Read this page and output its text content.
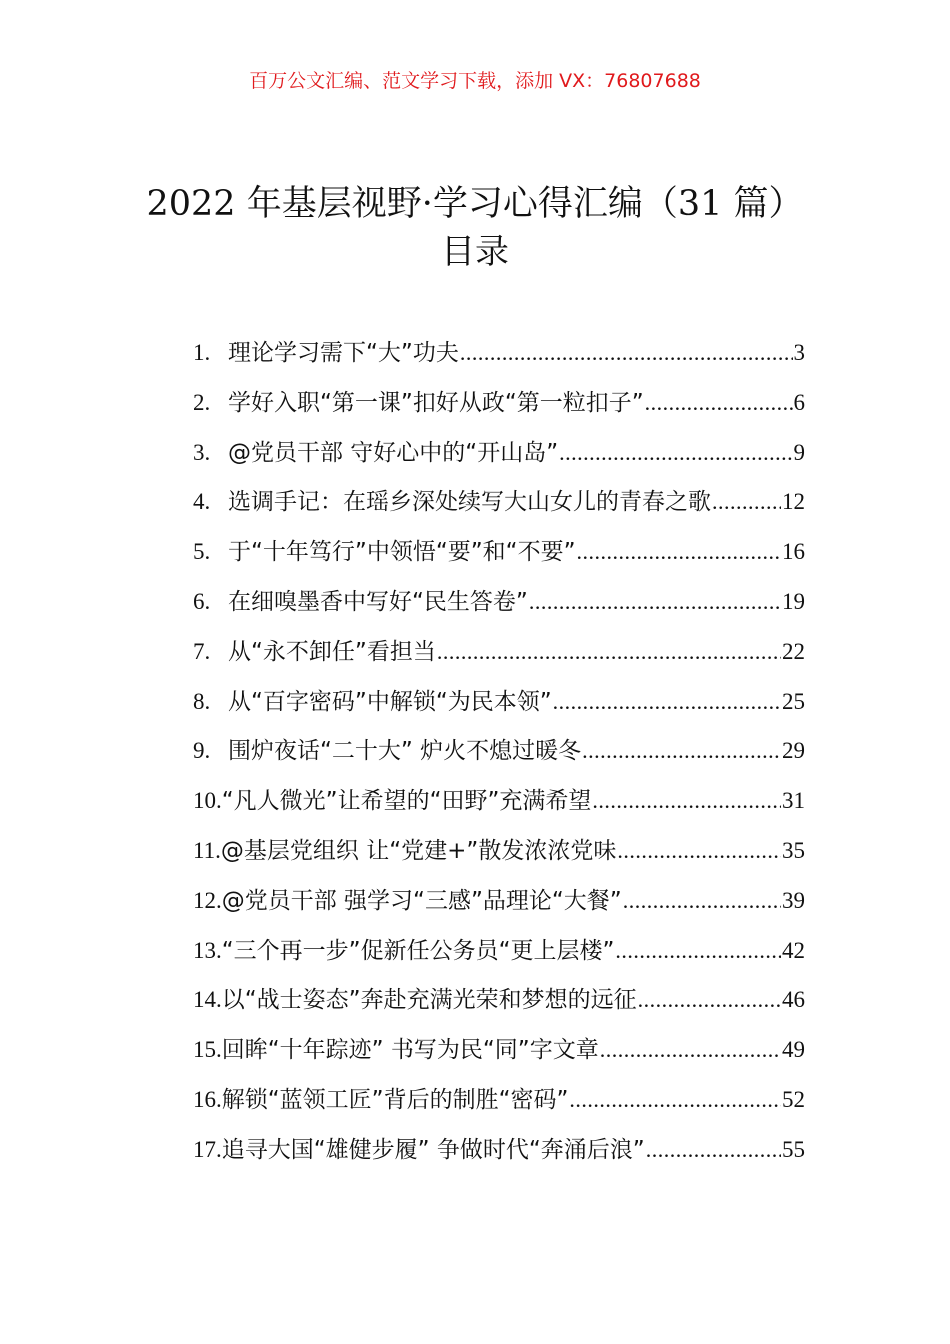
百万公文汇编、范文学习下载，添加 VX：76807688
2022 年基层视野·学习心得汇编（31 篇）
目录
1. 理论学习需下“大”功夫 .....	3
2. 学好入职“第一课”扣好从政“第一粒扣子” .....	6
3. @党员干部 守好心中的“开山岛” .....	9
4. 选调手记：在瑶乡深处续写大山女儿的青春之歌 .....	12
5. 于“十年笃行”中领悟“要”和“不要” .....	16
6. 在细嗅墨香中写好“民生答卷” .....	19
7. 从“永不卸任”看担当 .....	22
8. 从“百字密码”中解锁“为民本领” .....	25
9. 围炉夜话“二十大” 炉火不熄过暖冬 .....	29
10. “凡人微光”让希望的“田野”充满希望 .....	31
11. @基层党组织 让“党建+”散发浓浓党味 .....	35
12. @党员干部 强学习“三感”品理论“大餐” .....	39
13. “三个再一步”促新任公务员“更上层楼” .....	42
14. 以“战士姿态”奔赴充满光荣和梦想的远征 .....	46
15. 回眸“十年踪迹” 书写为民“同”字文章 .....	49
16. 解锁“蓝领工匠”背后的制胜“密码” .....	52
17. 追寻大国“雄健步履” 争做时代“奔涌后浪” .....	55
